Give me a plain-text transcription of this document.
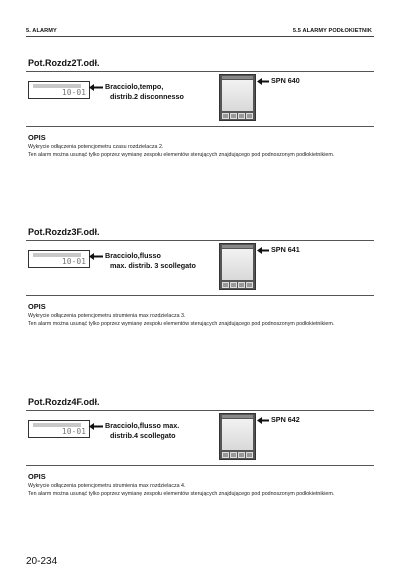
5. ALARMY	5.5 ALARMY PODŁOKIETNIK
Pot.Rozdz2T.odł.
10-01
Bracciolo,tempo,
distrib.2 disconnesso
SPN 640
OPIS
Wykrycie odłączenia potencjometru czasu rozdzielacza 2.
Ten alarm można usunąć tylko poprzez wymianę zespołu elementów sterujących znajdującego pod podnoszonym podłokietnikiem.
Pot.Rozdz3F.odł.
10-01
Bracciolo,flusso
max. distrib. 3 scollegato
SPN 641
OPIS
Wykrycie odłączenia potencjometru strumienia max rozdzielacza 3.
Ten alarm można usunąć tylko poprzez wymianę zespołu elementów sterujących znajdującego pod podnoszonym podłokietnikiem.
Pot.Rozdz4F.odł.
10-01
Bracciolo,flusso max.
distrib.4 scollegato
SPN 642
OPIS
Wykrycie odłączenia potencjometru strumienia max rozdzielacza 4.
Ten alarm można usunąć tylko poprzez wymianę zespołu elementów sterujących znajdującego pod podnoszonym podłokietnikiem.
20-234
